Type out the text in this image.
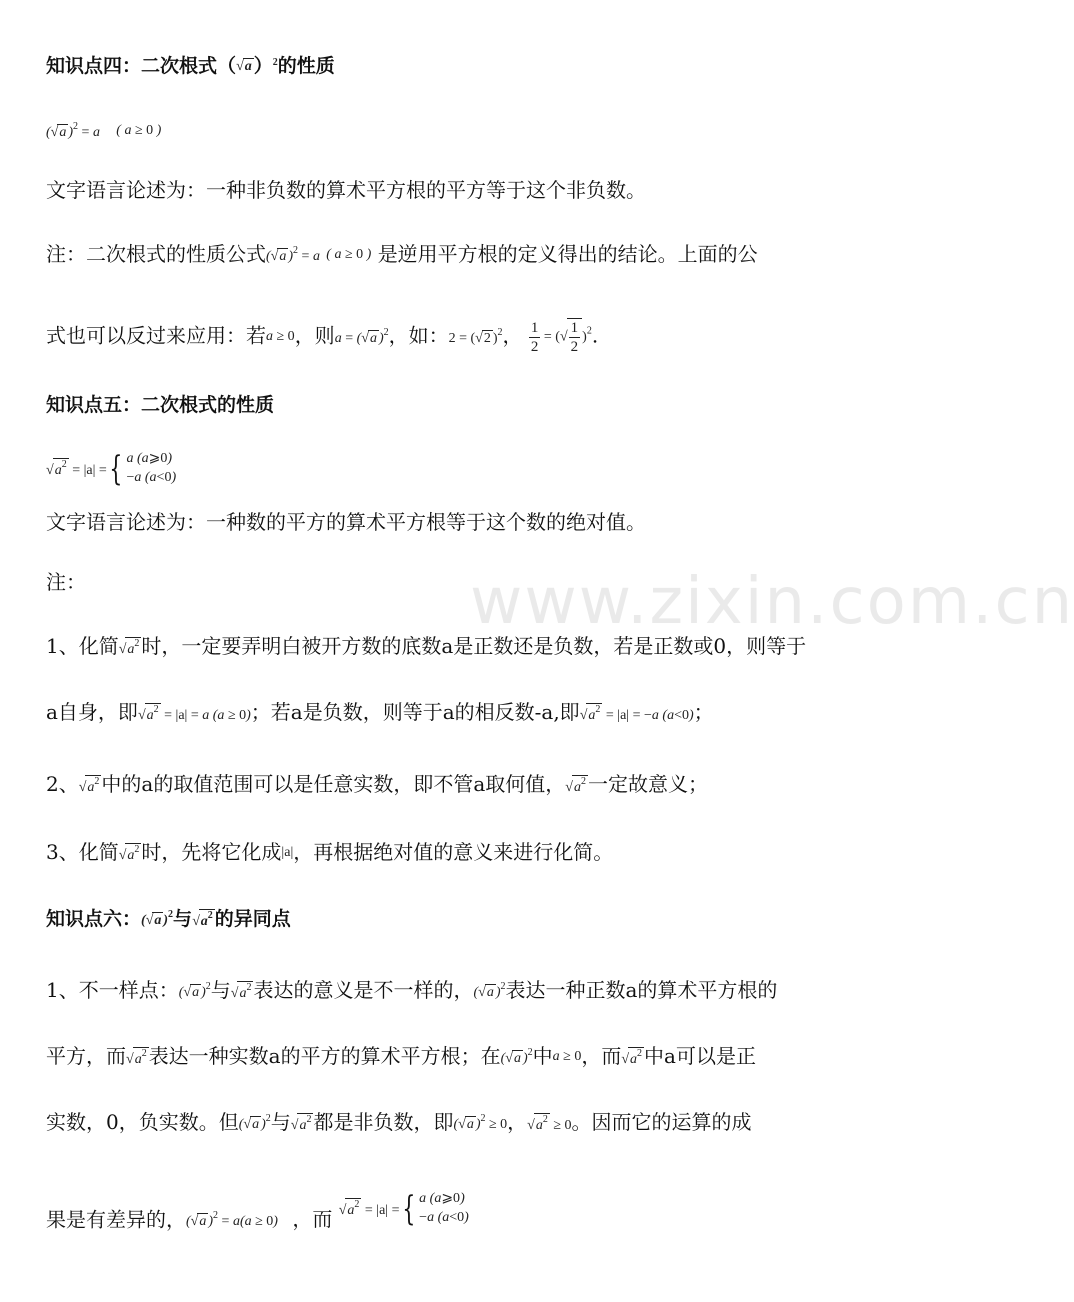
www.zixin.com.cn
知识点四：二次根式（√a ）2的性质
(√a )$^2$ = a ( a ≥ 0 )
文字语言论述为：一种非负数的算术平方根的平方等于这个非负数。
注：二次根式的性质公式(√a )$^2$ = a ( a ≥ 0 ) 是逆用平方根的定义得出的结论。上面的公
式也可以反过来应用：若a ≥ 0，则a = (√a )$^2$，如：2 = (√2 )$^2$， $\frac{1}{2}$ = (√ $\frac{1}{2} )^2$.
知识点五：二次根式的性质
$√a^2 = |a|$ ={ a (a⩾0)
−a (a<0)
文字语言论述为：一种数的平方的算术平方根等于这个数的绝对值。
注：
1、化简$√a^2$ 时，一定要弄明白被开方数的底数a是正数还是负数，若是正数或0，则等于
a自身，即$√a^2 = |a| = a$ (a ≥ 0)；若a是负数，则等于a的相反数-a,即$√a^2 = |a| = -a$ (a<0)；
2、$√a^2$ 中的a的取值范围可以是任意实数，即不管a取何值，$√a^2$ 一定故意义；
3、化简$√a^2$ 时，先将它化成|a|，再根据绝对值的意义来进行化简。
知识点六：(√a )$^2$与$√a^2$ 的异同点
1、不一样点：(√a )$^2$与$√a^2$ 表达的意义是不一样的，(√a )$^2$表达一种正数a的算术平方根的
平方，而$√a^2$ 表达一种实数a的平方的算术平方根；在(√a )$^2$中a ≥ 0，而$√a^2$ 中a可以是正
实数，0，负实数。但(√a )$^2$与$√a^2$ 都是非负数，即(√a )$^2$ ≥ 0，$√a^2 \ge 0$。因而它的运算的成
果是有差异的，(√a )$^2$ = a(a ≥ 0) ，而 $√a^2 = |a|$ ={ a (a⩾0)
−a (a<0)
